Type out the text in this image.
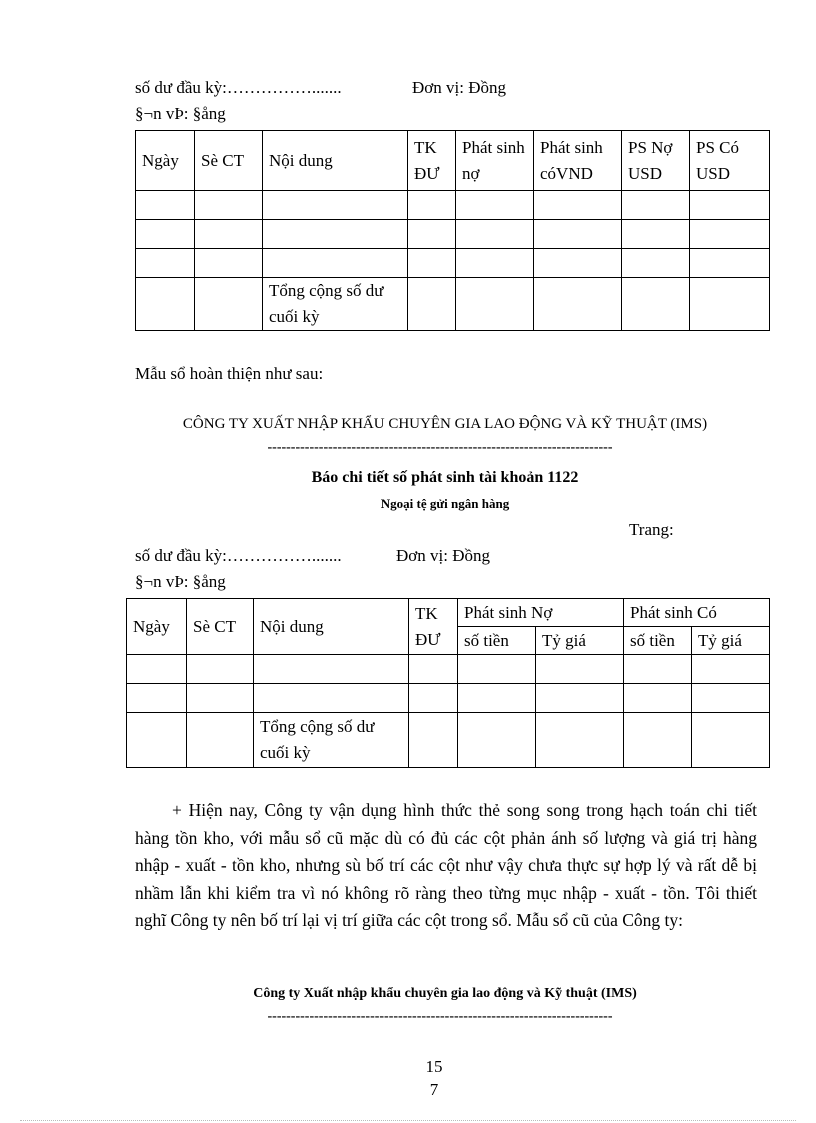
số dư đầu kỳ:…………….......	Đơn vị: Đồng
§¬n vÞ: §ång
Ngày	Sè CT	Nội dung	TK ĐƯ	Phát sinh nợ	Phát sinh cóVND	PS Nợ USD	PS Có USD

		Tổng cộng số dư cuối kỳ					
Mẫu sổ hoàn thiện như sau:
CÔNG TY XUẤT NHẬP KHẨU CHUYÊN GIA LAO ĐỘNG VÀ KỸ THUẬT (IMS)
--------------------------------------------------------------------------
Báo chi tiết số phát sinh tài khoản 1122
Ngoại tệ gửi ngân hàng
Trang:
số dư đầu kỳ:…………….......	Đơn vị: Đồng
§¬n vÞ: §ång
Ngày	Sè CT	Nội dung	TK ĐƯ	Phát sinh Nợ		Phát sinh Có	
				số tiền	Tỷ giá	số tiền	Tỷ giá

		Tổng cộng số dư cuối kỳ					
+ Hiện nay, Công ty vận dụng hình thức thẻ song song trong hạch toán chi tiết hàng tồn kho, với mẫu sổ cũ mặc dù có đủ các cột phản ánh số lượng và giá trị hàng nhập - xuất - tồn kho, nhưng sù bố trí các cột như vậy chưa thực sự hợp lý và rất dễ bị nhầm lẫn khi kiểm tra vì nó không rõ ràng theo từng mục nhập - xuất - tồn. Tôi thiết nghĩ Công ty nên bố trí lại vị trí giữa các cột trong sổ. Mẫu sổ cũ của Công ty:
Công ty Xuất nhập khẩu chuyên gia lao động và Kỹ thuật (IMS)
--------------------------------------------------------------------------
15
7
